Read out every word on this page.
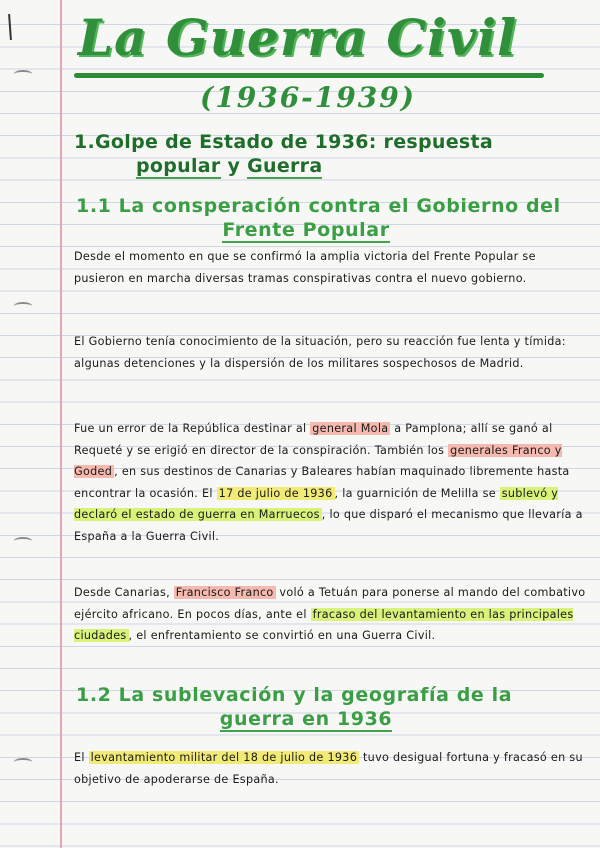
La Guerra Civil
(1936-1939)
1.Golpe de Estado de 1936: respuesta
popular y Guerra
1.1 La consperación contra el Gobierno del
Frente Popular

Desde el momento en que se confirmó la amplia victoria del Frente Popular se pusieron en marcha diversas tramas conspirativas contra el nuevo gobierno.

El Gobierno tenía conocimiento de la situación, pero su reacción fue lenta y tímida: algunas detenciones y la dispersión de los militares sospechosos de Madrid.

Fue un error de la República destinar al general Mola a Pamplona; allí se ganó al Requeté y se erigió en director de la conspiración. También los generales Franco y Goded , en sus destinos de Canarias y Baleares habían maquinado libremente hasta encontrar la ocasión. El 17 de julio de 1936 , la guarnición de Melilla se sublevó y declaró el estado de guerra en Marruecos , lo que disparó el mecanismo que llevaría a España a la Guerra Civil.

Desde Canarias, Francisco Franco voló a Tetuán para ponerse al mando del combativo ejército africano. En pocos días, ante el fracaso del levantamiento en las principales ciudades , el enfrentamiento se convirtió en una Guerra Civil.

1.2 La sublevación y la geografía de la
guerra en 1936

El levantamiento militar del 18 de julio de 1936 tuvo desigual fortuna y fracasó en su objetivo de apoderarse de España.
